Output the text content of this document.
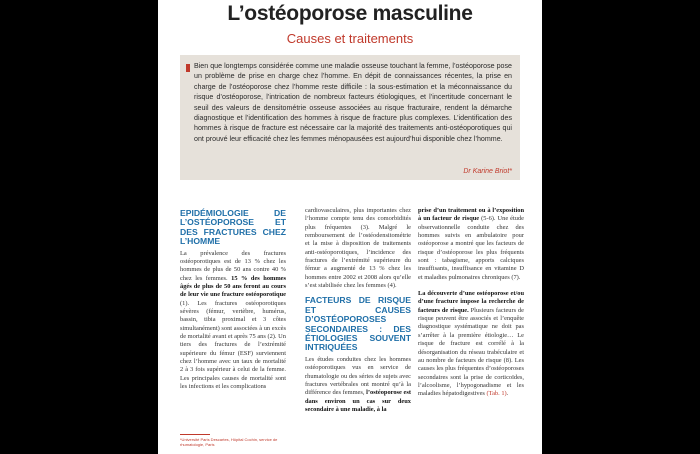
L’ostéoporose masculine
Causes et traitements

Bien que longtemps considérée comme une maladie osseuse touchant la femme, l’ostéoporose pose un problème de prise en charge chez l’homme. En dépit de connaissances récentes, la prise en charge de l’ostéoporose chez l’homme reste difficile : la sous-estimation et la méconnaissance du risque d’ostéoporose, l’intrication de nombreux facteurs étiologiques, et l’incertitude concernant le seuil des valeurs de densitométrie osseuse associées au risque fracturaire, rendent la démarche diagnostique et l’identification des hommes à risque de fracture plus complexes. L’identification des hommes à risque de fracture est nécessaire car la majorité des traitements anti-ostéoporotiques qui ont prouvé leur efficacité chez les femmes ménopausées est aujourd’hui disponible chez l’homme.

Dr Karine Briot*
EPIDÉMIOLOGIE DE L’OSTÉOPOROSE ET DES FRACTURES CHEZ L’HOMME

La prévalence des fractures ostéoporotiques est de 13 % chez les hommes de plus de 50 ans contre 40 % chez les femmes. 15 % des hommes âgés de plus de 50 ans feront au cours de leur vie une fracture ostéoporotique (1). Les fractures ostéoporotiques sévères (fémur, vertèbre, humérus, bassin, tibia proximal et 3 côtes simultanément) sont associées à un excès de mortalité avant et après 75 ans (2). Un tiers des fractures de l’extrémité supérieure du fémur (ESF) surviennent chez l’homme avec un taux de mortalité 2 à 3 fois supérieur à celui de la femme. Les principales causes de mortalité sont les infections et les complications

cardiovasculaires, plus importantes chez l’homme compte tenu des comorbidités plus fréquentes (3). Malgré le remboursement de l’ostéodensitométrie et la mise à disposition de traitements anti-ostéoporotiques, l’incidence des fractures de l’extrémité supérieure du fémur a augmenté de 13 % chez les hommes entre 2002 et 2008 alors qu’elle s’est stabilisée chez les femmes (4).

FACTEURS DE RISQUE ET CAUSES D’OSTÉOPOROSES SECONDAIRES : DES ÉTIOLOGIES SOUVENT INTRIQUÉES

Les études conduites chez les hommes ostéoporotiques vus en service de rhumatologie ou des séries de sujets avec fractures vertébrales ont montré qu’à la différence des femmes, l’ostéoporose est dans environ un cas sur deux secondaire à une maladie, à la

prise d’un traitement ou à l’exposition à un facteur de risque (5-6). Une étude observationnelle conduite chez des hommes suivis en ambulatoire pour ostéoporose a montré que les facteurs de risque d’ostéoporose les plus fréquents sont : tabagisme, apports calciques insuffisants, insuffisance en vitamine D et maladies pulmonaires chroniques (7).

La découverte d’une ostéoporose et/ou d’une fracture impose la recherche de facteurs de risque. Plusieurs facteurs de risque peuvent être associés et l’enquête diagnostique systématique ne doit pas s’arrêter à la première étiologie… Le risque de fracture est corrélé à la désorganisation du réseau trabéculaire et au nombre de facteurs de risque (8). Les causes les plus fréquentes d’ostéoporoses secondaires sont la prise de corticoïdes, l’alcoolisme, l’hypogonadisme et les maladies hépatodigestives (Tab. 1).

*Université Paris Descartes, Hôpital Cochin, service de rhumatologie, Paris
